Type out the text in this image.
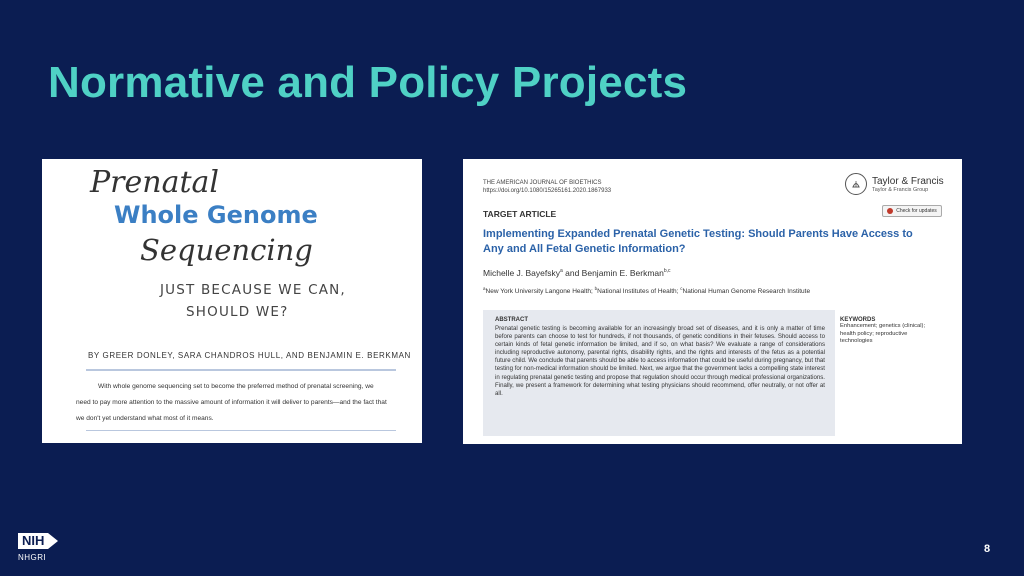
Normative and Policy Projects
Prenatal
Whole Genome
Sequencing
JUST BECAUSE WE CAN,
SHOULD WE?
BY GREER DONLEY, SARA CHANDROS HULL, AND BENJAMIN E. BERKMAN
With whole genome sequencing set to become the preferred method of prenatal screening, we
need to pay more attention to the massive amount of information it will deliver to parents—and the fact that
we don't yet understand what most of it means.
THE AMERICAN JOURNAL OF BIOETHICS
https://doi.org/10.1080/15265161.2020.1867933
Taylor & Francis
Taylor & Francis Group
TARGET ARTICLE	Check for updates
Implementing Expanded Prenatal Genetic Testing: Should Parents Have Access to Any and All Fetal Genetic Information?
Michelle J. Bayefsky$^a$ and Benjamin E. Berkman$^{b,c}$
$^a$New York University Langone Health; $^b$National Institutes of Health; $^c$National Human Genome Research Institute
ABSTRACT
Prenatal genetic testing is becoming available for an increasingly broad set of diseases, and it is only a matter of time before parents can choose to test for hundreds, if not thousands, of genetic conditions in their fetuses. Should access to certain kinds of fetal genetic information be limited, and if so, on what basis? We evaluate a range of considerations including reproductive autonomy, parental rights, disability rights, and the rights and interests of the fetus as a potential future child. We conclude that parents should be able to access information that could be useful during pregnancy, but that testing for non-medical information should be limited. Next, we argue that the government lacks a compelling state interest in regulating prenatal genetic testing and propose that regulation should occur through medical professional organizations. Finally, we present a framework for determining what testing physicians should recommend, offer neutrally, or not offer at all.
KEYWORDS
Enhancement; genetics (clinical); health policy; reproductive technologies
NIH
NHGRI
8
